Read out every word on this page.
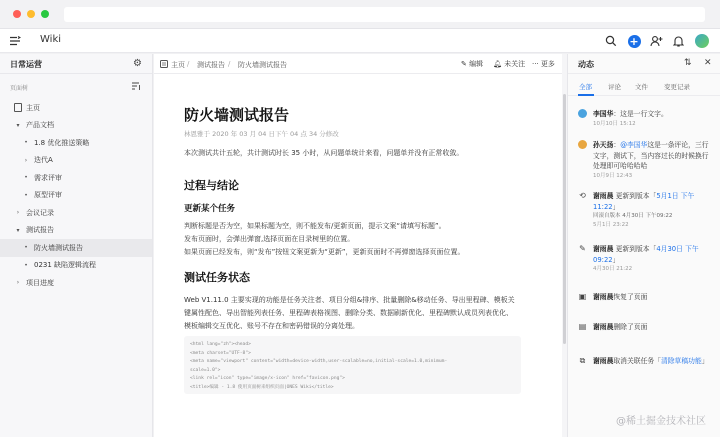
Wiki	+
日常运营	⚙
页面树
主页
▾ 产品文档
• 1.8 优化推送策略
› 迭代A
• 需求评审
• 原型评审
› 会议记录
▾ 测试报告
• 防火墙测试报告
• 0231 缺陷逻辑流程
› 项目进度
主页 / 测试报告 / 防火墙测试报告	✎ 编辑 🔔︎ 未关注 ··· 更多
防火墙测试报告
林恩雅于 2020 年 03 月 04 日下午 04 点 34 分修改
本次测试共计五轮，共计测试时长 35 小时，从问题单统计来看，问题单并没有正常收敛。
过程与结论
更新某个任务
判断标题是否为空，如果标题为空，则不能发布/更新页面，提示文案“请填写标题”。
发布页面时，会弹出弹窗,选择页面在目录树里的位置。
如果页面已经发布，则“发布”按钮文案更新为“更新”，更新页面时不再弹窗选择页面位置。
测试任务状态
Web V1.11.0 主要实现的功能是任务关注者、项目分组&排序、批量删除&移动任务、导出里程碑、模板关
键属性配色、导出智能列表任务、里程碑表格视图、删除分类、数据刷新优化、里程碑默认成员列表优化、
模板编辑交互优化、账号不存在和密码错误的分离处理。
<html lang="zh"><head>
<meta charset="UTF-8">
<meta name="viewport" content="width=device-width,user-scalable=no,initial-scale=1.0,minimum-
scale=1.0">
<link rel="icon" type="image/x-icon" href="favicon.png">
<title>编辑 - 1.8 使用页面树来组织页面|ONES Wiki</title>
动态	⇅ ✕
全部 评论 文件 变更记录
李国华：这是一行文字。
10月10日 15:12
孙天扬：@李国华这是一条评论，三行文字，测试下，当内容过长的时候换行处理即可哈哈哈哈
10月9日 12:43
⟲ 谢雨晨 更新到版本「5月1日 下午11:22」
回滚自版本 4月30日 下午09:22
5月1日 23:22
✎ 谢雨晨 更新到版本「4月30日 下午09:22」
4月30日 21:22
▣ 谢雨晨恢复了页面
▤ 谢雨晨删除了页面
⧉ 谢雨晨取消关联任务「清除草稿功能」
@稀土掘金技术社区
